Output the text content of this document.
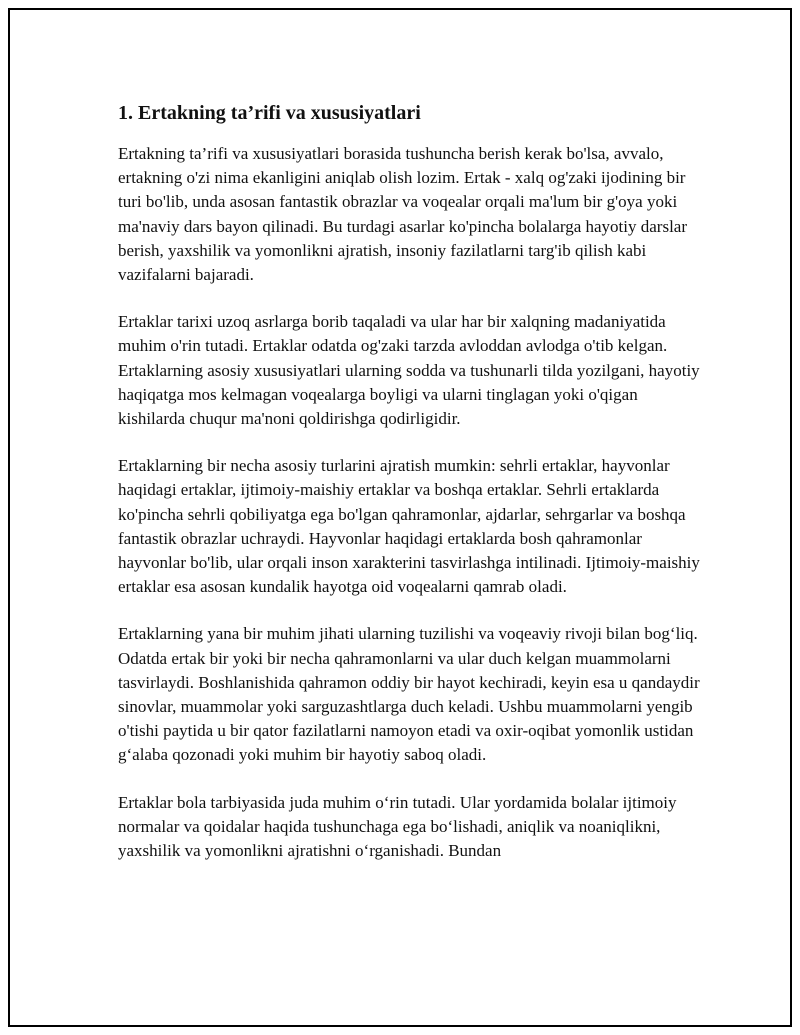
1. Ertakning ta’rifi va xususiyatlari

Ertakning ta’rifi va xususiyatlari borasida tushuncha berish kerak bo'lsa, avvalo, ertakning o'zi nima ekanligini aniqlab olish lozim. Ertak - xalq og'zaki ijodining bir turi bo'lib, unda asosan fantastik obrazlar va voqealar orqali ma'lum bir g'oya yoki ma'naviy dars bayon qilinadi. Bu turdagi asarlar ko'pincha bolalarga hayotiy darslar berish, yaxshilik va yomonlikni ajratish, insoniy fazilatlarni targ'ib qilish kabi vazifalarni bajaradi.

Ertaklar tarixi uzoq asrlarga borib taqaladi va ular har bir xalqning madaniyatida muhim o'rin tutadi. Ertaklar odatda og'zaki tarzda avloddan avlodga o'tib kelgan. Ertaklarning asosiy xususiyatlari ularning sodda va tushunarli tilda yozilgani, hayotiy haqiqatga mos kelmagan voqealarga boyligi va ularni tinglagan yoki o'qigan kishilarda chuqur ma'noni qoldirishga qodirligidir.

Ertaklarning bir necha asosiy turlarini ajratish mumkin: sehrli ertaklar, hayvonlar haqidagi ertaklar, ijtimoiy-maishiy ertaklar va boshqa ertaklar. Sehrli ertaklarda ko'pincha sehrli qobiliyatga ega bo'lgan qahramonlar, ajdarlar, sehrgarlar va boshqa fantastik obrazlar uchraydi. Hayvonlar haqidagi ertaklarda bosh qahramonlar hayvonlar bo'lib, ular orqali inson xarakterini tasvirlashga intilinadi. Ijtimoiy-maishiy ertaklar esa asosan kundalik hayotga oid voqealarni qamrab oladi.

Ertaklarning yana bir muhim jihati ularning tuzilishi va voqeaviy rivoji bilan bog‘liq. Odatda ertak bir yoki bir necha qahramonlarni va ular duch kelgan muammolarni tasvirlaydi. Boshlanishida qahramon oddiy bir hayot kechiradi, keyin esa u qandaydir sinovlar, muammolar yoki sarguzashtlarga duch keladi. Ushbu muammolarni yengib o'tishi paytida u bir qator fazilatlarni namoyon etadi va oxir-oqibat yomonlik ustidan g‘alaba qozonadi yoki muhim bir hayotiy saboq oladi.

Ertaklar bola tarbiyasida juda muhim o‘rin tutadi. Ular yordamida bolalar ijtimoiy normalar va qoidalar haqida tushunchaga ega bo‘lishadi, aniqlik va noaniqlikni, yaxshilik va yomonlikni ajratishni o‘rganishadi. Bundan
